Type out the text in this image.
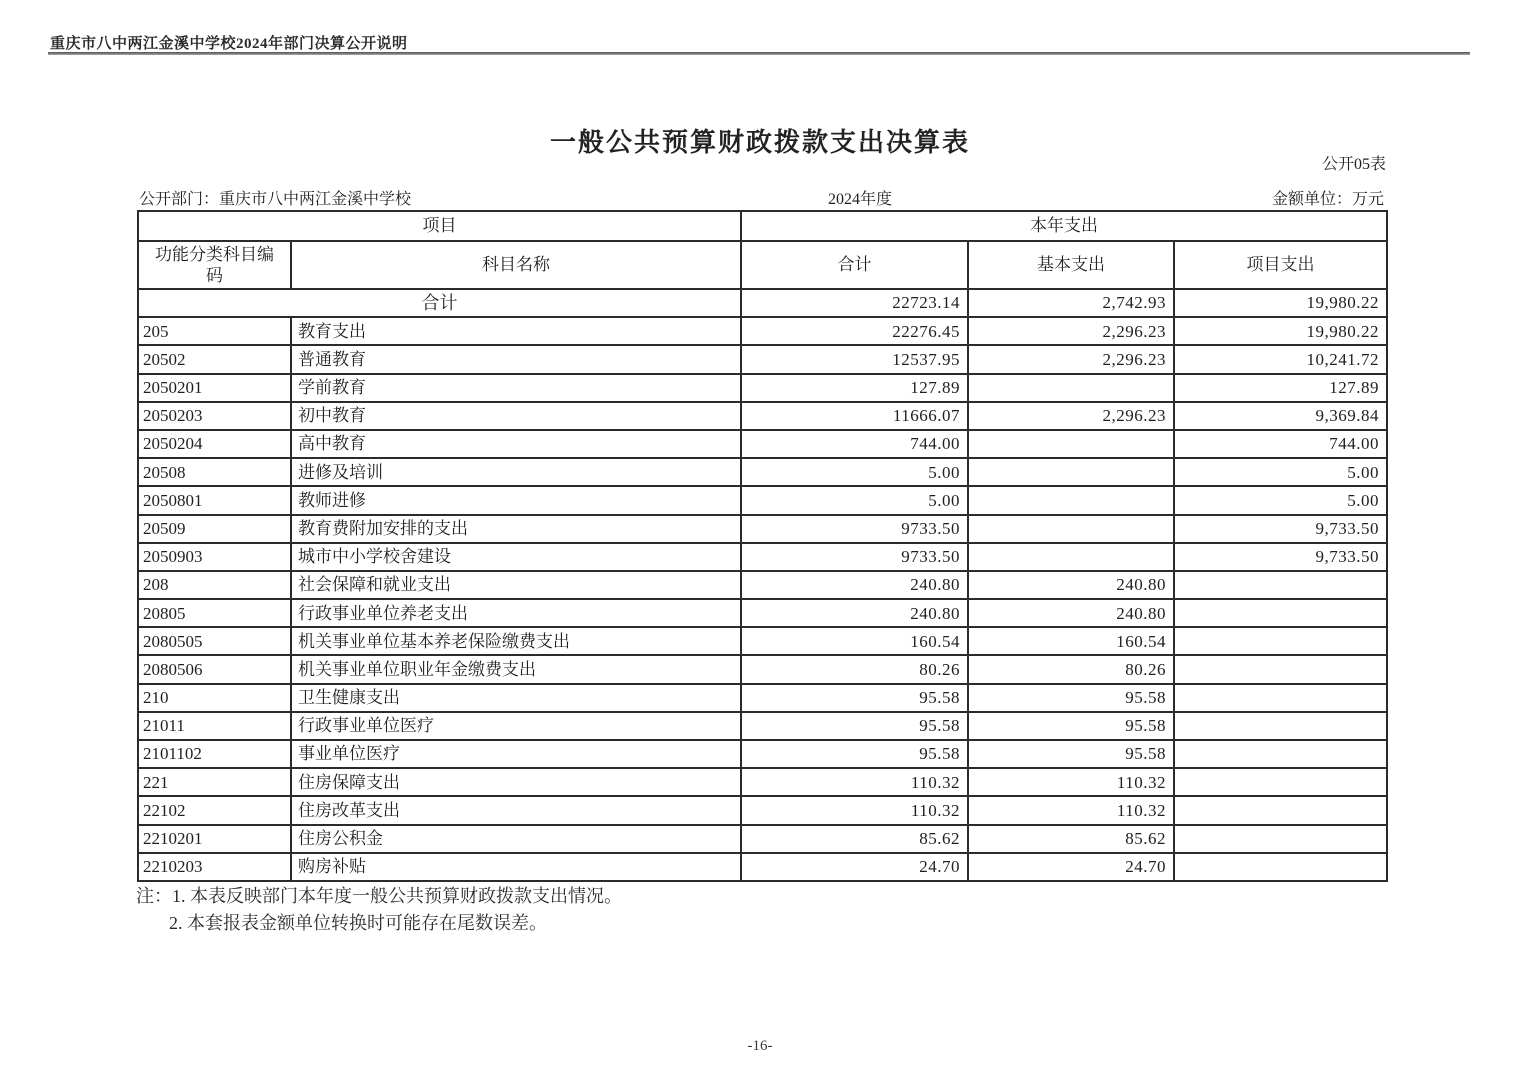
重庆市八中两江金溪中学校2024年部门决算公开说明
一般公共预算财政拨款支出决算表
公开05表
公开部门：重庆市八中两江金溪中学校	2024年度	金额单位：万元
项目		本年支出		
功能分类科目编码	科目名称	合计	基本支出	项目支出
合计		22723.14	2,742.93	19,980.22
205	教育支出	22276.45	2,296.23	19,980.22
20502	普通教育	12537.95	2,296.23	10,241.72
2050201	学前教育	127.89		127.89
2050203	初中教育	11666.07	2,296.23	9,369.84
2050204	高中教育	744.00		744.00
20508	进修及培训	5.00		5.00
2050801	教师进修	5.00		5.00
20509	教育费附加安排的支出	9733.50		9,733.50
2050903	城市中小学校舍建设	9733.50		9,733.50
208	社会保障和就业支出	240.80	240.80	
20805	行政事业单位养老支出	240.80	240.80	
2080505	机关事业单位基本养老保险缴费支出	160.54	160.54	
2080506	机关事业单位职业年金缴费支出	80.26	80.26	
210	卫生健康支出	95.58	95.58	
21011	行政事业单位医疗	95.58	95.58	
2101102	事业单位医疗	95.58	95.58	
221	住房保障支出	110.32	110.32	
22102	住房改革支出	110.32	110.32	
2210201	住房公积金	85.62	85.62	
2210203	购房补贴	24.70	24.70	
注：1. 本表反映部门本年度一般公共预算财政拨款支出情况。
2. 本套报表金额单位转换时可能存在尾数误差。
-16-
